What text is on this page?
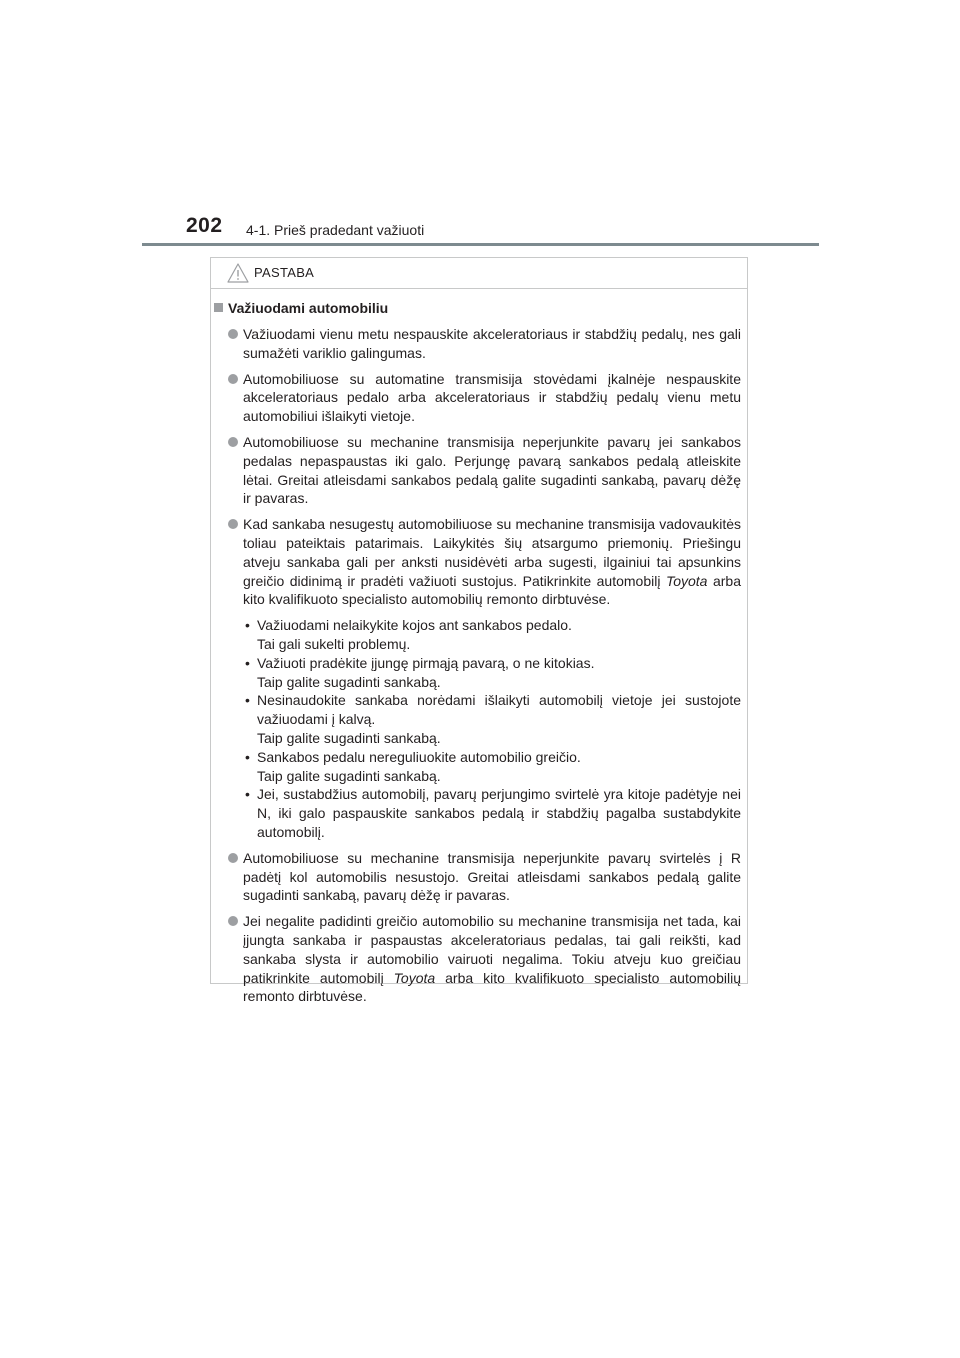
202 4-1. Prieš pradedant važiuoti
PASTABA
Važiuodami automobiliu

Važiuodami vienu metu nespauskite akceleratoriaus ir stabdžių pedalų, nes gali sumažėti variklio galingumas.

Automobiliuose su automatine transmisija stovėdami įkalnėje nespauskite akceleratoriaus pedalo arba akceleratoriaus ir stabdžių pedalų vienu metu automobiliui išlaikyti vietoje.

Automobiliuose su mechanine transmisija neperjunkite pavarų jei sankabos pedalas nepaspaustas iki galo. Perjungę pavarą sankabos pedalą atleiskite lėtai. Greitai atleisdami sankabos pedalą galite sugadinti sankabą, pavarų dėžę ir pavaras.

Kad sankaba nesugestų automobiliuose su mechanine transmisija vadovaukitės toliau pateiktais patarimais. Laikykitės šių atsargumo priemonių. Priešingu atveju sankaba gali per anksti nusidėvėti arba sugesti, ilgainiui tai apsunkins greičio didinimą ir pradėti važiuoti sustojus. Patikrinkite automobilį Toyota arba kito kvalifikuoto specialisto automobilių remonto dirbtuvėse.

• Važiuodami nelaikykite kojos ant sankabos pedalo.
Tai gali sukelti problemų.
• Važiuoti pradėkite įjungę pirmąją pavarą, o ne kitokias.
Taip galite sugadinti sankabą.
• Nesinaudokite sankaba norėdami išlaikyti automobilį vietoje jei sustojote važiuodami į kalvą.
Taip galite sugadinti sankabą.
• Sankabos pedalu nereguliuokite automobilio greičio.
Taip galite sugadinti sankabą.
• Jei, sustabdžius automobilį, pavarų perjungimo svirtelė yra kitoje padėtyje nei N, iki galo paspauskite sankabos pedalą ir stabdžių pagalba sustabdykite automobilį.

Automobiliuose su mechanine transmisija neperjunkite pavarų svirtelės į R padėtį kol automobilis nesustojo. Greitai atleisdami sankabos pedalą galite sugadinti sankabą, pavarų dėžę ir pavaras.

Jei negalite padidinti greičio automobilio su mechanine transmisija net tada, kai įjungta sankaba ir paspaustas akceleratoriaus pedalas, tai gali reikšti, kad sankaba slysta ir automobilio vairuoti negalima. Tokiu atveju kuo greičiau patikrinkite automobilį Toyota arba kito kvalifikuoto specialisto automobilių remonto dirbtuvėse.
